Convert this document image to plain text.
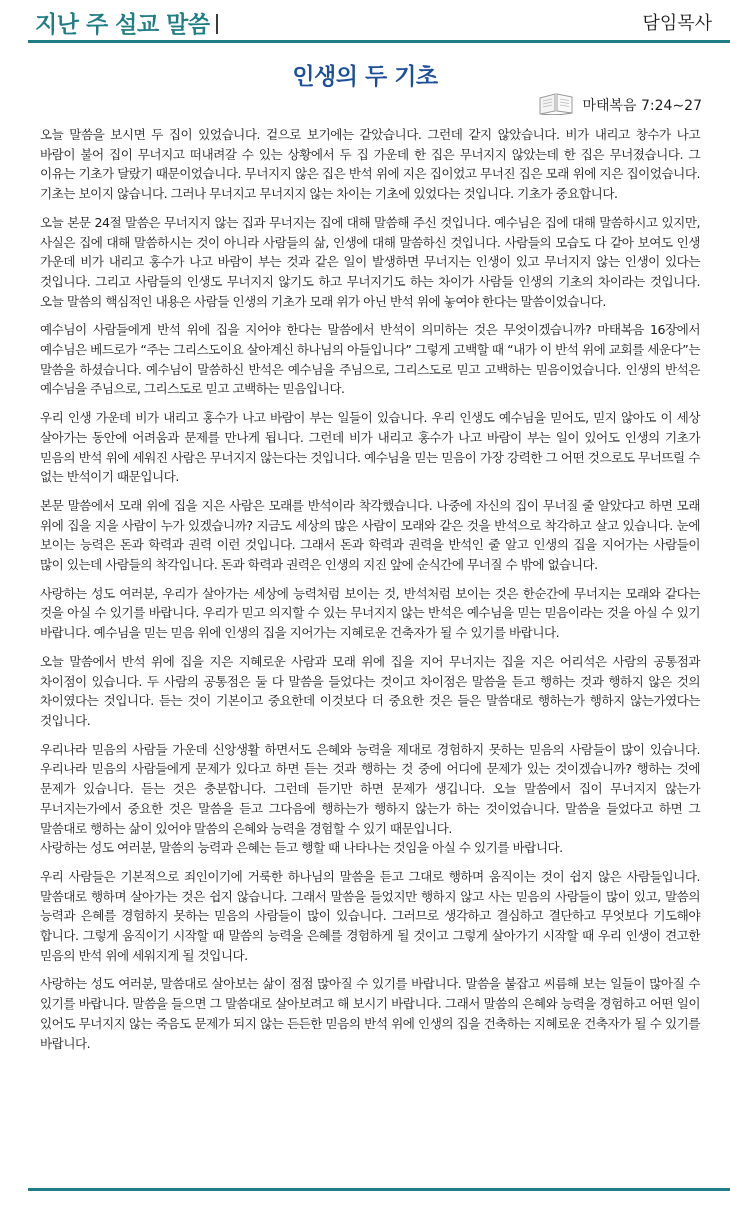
지난 주 설교 말씀	담임목사
인생의 두 기초
마태복음 7:24∼27

오늘 말씀을 보시면 두 집이 있었습니다. 겉으로 보기에는 같았습니다. 그런데 같지 않았습니다. 비가 내리고 창수가 나고 바람이 불어 집이 무너지고 떠내려갈 수 있는 상황에서 두 집 가운데 한 집은 무너지지 않았는데 한 집은 무너졌습니다. 그 이유는 기초가 달랐기 때문이었습니다. 무너지지 않은 집은 반석 위에 지은 집이었고 무너진 집은 모래 위에 지은 집이었습니다. 기초는 보이지 않습니다. 그러나 무너지고 무너지지 않는 차이는 기초에 있었다는 것입니다. 기초가 중요합니다.

오늘 본문 24절 말씀은 무너지지 않는 집과 무너지는 집에 대해 말씀해 주신 것입니다. 예수님은 집에 대해 말씀하시고 있지만, 사실은 집에 대해 말씀하시는 것이 아니라 사람들의 삶, 인생에 대해 말씀하신 것입니다. 사람들의 모습도 다 같아 보여도 인생 가운데 비가 내리고 홍수가 나고 바람이 부는 것과 같은 일이 발생하면 무너지는 인생이 있고 무너지지 않는 인생이 있다는 것입니다. 그리고 사람들의 인생도 무너지지 않기도 하고 무너지기도 하는 차이가 사람들 인생의 기초의 차이라는 것입니다. 오늘 말씀의 핵심적인 내용은 사람들 인생의 기초가 모래 위가 아닌 반석 위에 놓여야 한다는 말씀이었습니다.

예수님이 사람들에게 반석 위에 집을 지어야 한다는 말씀에서 반석이 의미하는 것은 무엇이겠습니까? 마태복음 16장에서 예수님은 베드로가 “주는 그리스도이요 살아계신 하나님의 아들입니다” 그렇게 고백할 때 “내가 이 반석 위에 교회를 세운다”는 말씀을 하셨습니다. 예수님이 말씀하신 반석은 예수님을 주님으로, 그리스도로 믿고 고백하는 믿음이었습니다. 인생의 반석은 예수님을 주님으로, 그리스도로 믿고 고백하는 믿음입니다.

우리 인생 가운데 비가 내리고 홍수가 나고 바람이 부는 일들이 있습니다. 우리 인생도 예수님을 믿어도, 믿지 않아도 이 세상 살아가는 동안에 어려움과 문제를 만나게 됩니다. 그런데 비가 내리고 홍수가 나고 바람이 부는 일이 있어도 인생의 기초가 믿음의 반석 위에 세워진 사람은 무너지지 않는다는 것입니다. 예수님을 믿는 믿음이 가장 강력한 그 어떤 것으로도 무너뜨릴 수 없는 반석이기 때문입니다.

본문 말씀에서 모래 위에 집을 지은 사람은 모래를 반석이라 착각했습니다. 나중에 자신의 집이 무너질 줄 알았다고 하면 모래 위에 집을 지을 사람이 누가 있겠습니까? 지금도 세상의 많은 사람이 모래와 같은 것을 반석으로 착각하고 살고 있습니다. 눈에 보이는 능력은 돈과 학력과 권력 이런 것입니다. 그래서 돈과 학력과 권력을 반석인 줄 알고 인생의 집을 지어가는 사람들이 많이 있는데 사람들의 착각입니다. 돈과 학력과 권력은 인생의 지진 앞에 순식간에 무너질 수 밖에 없습니다.

사랑하는 성도 여러분, 우리가 살아가는 세상에 능력처럼 보이는 것, 반석처럼 보이는 것은 한순간에 무너지는 모래와 같다는 것을 아실 수 있기를 바랍니다. 우리가 믿고 의지할 수 있는 무너지지 않는 반석은 예수님을 믿는 믿음이라는 것을 아실 수 있기 바랍니다. 예수님을 믿는 믿음 위에 인생의 집을 지어가는 지혜로운 건축자가 될 수 있기를 바랍니다.

오늘 말씀에서 반석 위에 집을 지은 지혜로운 사람과 모래 위에 집을 지어 무너지는 집을 지은 어리석은 사람의 공통점과 차이점이 있습니다. 두 사람의 공통점은 둘 다 말씀을 들었다는 것이고 차이점은 말씀을 듣고 행하는 것과 행하지 않은 것의 차이였다는 것입니다. 듣는 것이 기본이고 중요한데 이것보다 더 중요한 것은 들은 말씀대로 행하는가 행하지 않는가였다는 것입니다.

우리나라 믿음의 사람들 가운데 신앙생활 하면서도 은혜와 능력을 제대로 경험하지 못하는 믿음의 사람들이 많이 있습니다. 우리나라 믿음의 사람들에게 문제가 있다고 하면 듣는 것과 행하는 것 중에 어디에 문제가 있는 것이겠습니까? 행하는 것에 문제가 있습니다. 듣는 것은 충분합니다. 그런데 듣기만 하면 문제가 생깁니다. 오늘 말씀에서 집이 무너지지 않는가 무너지는가에서 중요한 것은 말씀을 듣고 그다음에 행하는가 행하지 않는가 하는 것이었습니다. 말씀을 들었다고 하면 그 말씀대로 행하는 삶이 있어야 말씀의 은혜와 능력을 경험할 수 있기 때문입니다.

사랑하는 성도 여러분, 말씀의 능력과 은혜는 듣고 행할 때 나타나는 것임을 아실 수 있기를 바랍니다.

우리 사람들은 기본적으로 죄인이기에 거룩한 하나님의 말씀을 듣고 그대로 행하며 움직이는 것이 쉽지 않은 사람들입니다. 말씀대로 행하며 살아가는 것은 쉽지 않습니다. 그래서 말씀을 들었지만 행하지 않고 사는 믿음의 사람들이 많이 있고, 말씀의 능력과 은혜를 경험하지 못하는 믿음의 사람들이 많이 있습니다. 그러므로 생각하고 결심하고 결단하고 무엇보다 기도해야 합니다. 그렇게 움직이기 시작할 때 말씀의 능력을 은혜를 경험하게 될 것이고 그렇게 살아가기 시작할 때 우리 인생이 견고한 믿음의 반석 위에 세워지게 될 것입니다.

사랑하는 성도 여러분, 말씀대로 살아보는 삶이 점점 많아질 수 있기를 바랍니다. 말씀을 붙잡고 씨름해 보는 일들이 많아질 수 있기를 바랍니다. 말씀을 들으면 그 말씀대로 살아보려고 해 보시기 바랍니다. 그래서 말씀의 은혜와 능력을 경험하고 어떤 일이 있어도 무너지지 않는 죽음도 문제가 되지 않는 든든한 믿음의 반석 위에 인생의 집을 건축하는 지혜로운 건축자가 될 수 있기를 바랍니다.
